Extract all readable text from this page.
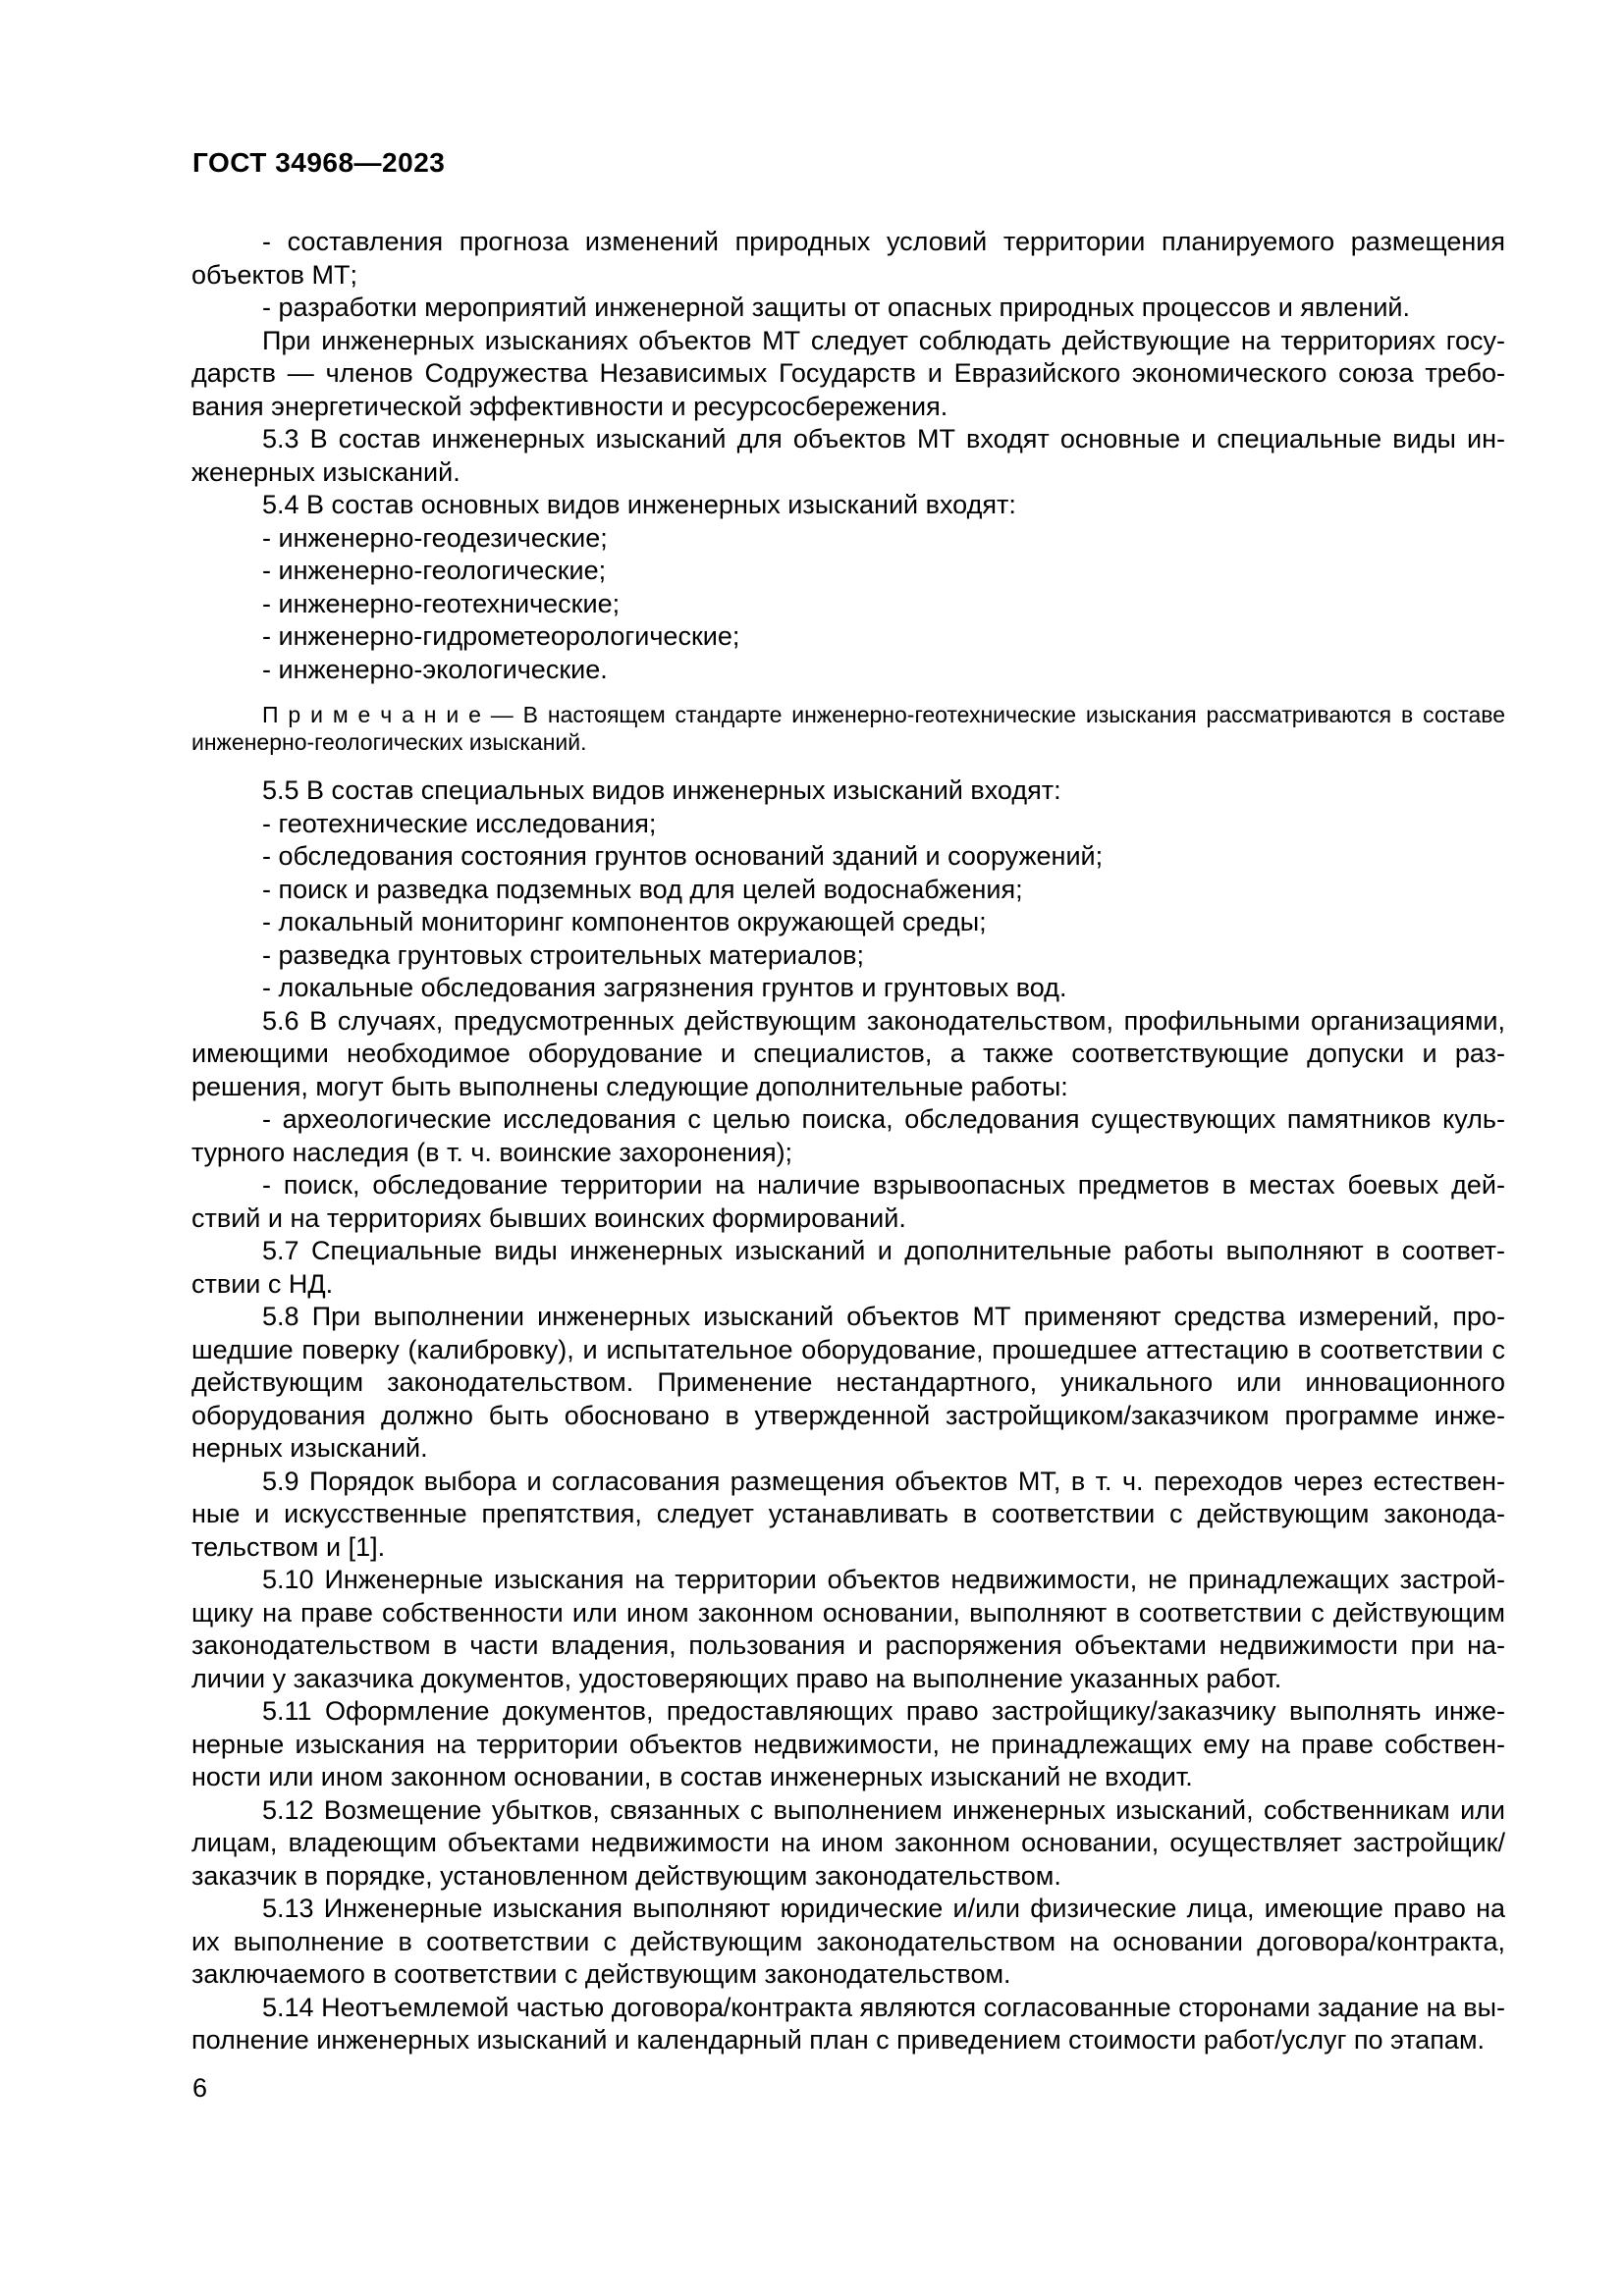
ГОСТ 34968—2023

- составления прогноза изменений природных условий территории планируемого размещения объектов МТ;

- разработки мероприятий инженерной защиты от опасных природных процессов и явлений.

При инженерных изысканиях объектов МТ следует соблюдать действующие на территориях государств — членов Содружества Независимых Государств и Евразийского экономического союза требования энергетической эффективности и ресурсосбережения.

5.3 В состав инженерных изысканий для объектов МТ входят основные и специальные виды инженерных изысканий.

5.4 В состав основных видов инженерных изысканий входят:

- инженерно-геодезические;

- инженерно-геологические;

- инженерно-геотехнические;

- инженерно-гидрометеорологические;

- инженерно-экологические.

П р и м е ч а н и е — В настоящем стандарте инженерно-геотехнические изыскания рассматриваются в составе инженерно-геологических изысканий.

5.5 В состав специальных видов инженерных изысканий входят:

- геотехнические исследования;

- обследования состояния грунтов оснований зданий и сооружений;

- поиск и разведка подземных вод для целей водоснабжения;

- локальный мониторинг компонентов окружающей среды;

- разведка грунтовых строительных материалов;

- локальные обследования загрязнения грунтов и грунтовых вод.

5.6 В случаях, предусмотренных действующим законодательством, профильными организациями, имеющими необходимое оборудование и специалистов, а также соответствующие допуски и разрешения, могут быть выполнены следующие дополнительные работы:

- археологические исследования с целью поиска, обследования существующих памятников культурного наследия (в т. ч. воинские захоронения);

- поиск, обследование территории на наличие взрывоопасных предметов в местах боевых действий и на территориях бывших воинских формирований.

5.7 Специальные виды инженерных изысканий и дополнительные работы выполняют в соответствии с НД.

5.8 При выполнении инженерных изысканий объектов МТ применяют средства измерений, прошедшие поверку (калибровку), и испытательное оборудование, прошедшее аттестацию в соответствии с действующим законодательством. Применение нестандартного, уникального или инновационного оборудования должно быть обосновано в утвержденной застройщиком/заказчиком программе инженерных изысканий.

5.9 Порядок выбора и согласования размещения объектов МТ, в т. ч. переходов через естественные и искусственные препятствия, следует устанавливать в соответствии с действующим законодательством и [1].

5.10 Инженерные изыскания на территории объектов недвижимости, не принадлежащих застройщику на праве собственности или ином законном основании, выполняют в соответствии с действующим законодательством в части владения, пользования и распоряжения объектами недвижимости при наличии у заказчика документов, удостоверяющих право на выполнение указанных работ.

5.11 Оформление документов, предоставляющих право застройщику/заказчику выполнять инженерные изыскания на территории объектов недвижимости, не принадлежащих ему на праве собственности или ином законном основании, в состав инженерных изысканий не входит.

5.12 Возмещение убытков, связанных с выполнением инженерных изысканий, собственникам или лицам, владеющим объектами недвижимости на ином законном основании, осуществляет застройщик/заказчик в порядке, установленном действующим законодательством.

5.13 Инженерные изыскания выполняют юридические и/или физические лица, имеющие право на их выполнение в соответствии с действующим законодательством на основании договора/контракта, заключаемого в соответствии с действующим законодательством.

5.14 Неотъемлемой частью договора/контракта являются согласованные сторонами задание на выполнение инженерных изысканий и календарный план с приведением стоимости работ/услуг по этапам.

6
